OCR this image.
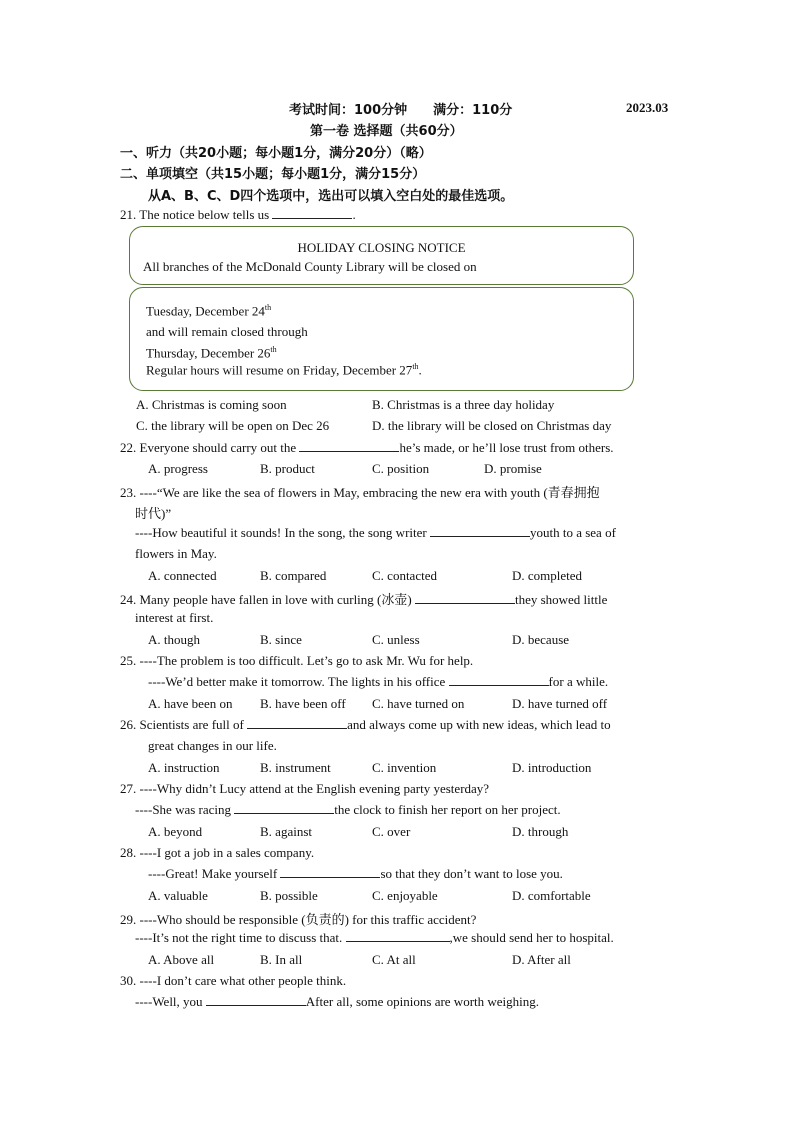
考试时间：100分钟　　满分：110分	2023.03
第一卷 选择题（共60分）
一、听力（共20小题；每小题1分，满分20分）（略）
二、单项填空（共15小题；每小题1分，满分15分）
从A、B、C、D四个选项中，选出可以填入空白处的最佳选项。
21. The notice below tells us	.
HOLIDAY CLOSING NOTICE
All branches of the McDonald County Library will be closed on
Tuesday, December 24th
and will remain closed through
Thursday, December 26th
Regular hours will resume on Friday, December 27th.
A. Christmas is coming soon	B. Christmas is a three day holiday
C. the library will be open on Dec 26	D. the library will be closed on Christmas day
22. Everyone should carry out the	he’s made, or he’ll lose trust from others.
A. progress	B. product	C. position	D. promise
23. ----“We are like the sea of flowers in May, embracing the new era with youth (青春拥抱
时代)”
----How beautiful it sounds! In the song, the song writer	youth to a sea of
flowers in May.
A. connected	B. compared	C. contacted	D. completed
24. Many people have fallen in love with curling (冰壶)	they showed little
interest at first.
A. though	B. since	C. unless	D. because
25. ----The problem is too difficult. Let’s go to ask Mr. Wu for help.
----We’d better make it tomorrow. The lights in his office	for a while.
A. have been on B. have been off C. have turned on	D. have turned off
26. Scientists are full of	and always come up with new ideas, which lead to
great changes in our life.
A. instruction	B. instrument	C. invention	D. introduction
27. ----Why didn’t Lucy attend at the English evening party yesterday?
----She was racing	the clock to finish her report on her project.
A. beyond	B. against	C. over	D. through
28. ----I got a job in a sales company.
----Great! Make yourself	so that they don’t want to lose you.
A. valuable	B. possible	C. enjoyable	D. comfortable
29. ----Who should be responsible (负责的) for this traffic accident?
----It’s not the right time to discuss that.	,we should send her to hospital.
A. Above all	B. In all	C. At all	D. After all
30. ----I don’t care what other people think.
----Well, you	After all, some opinions are worth weighing.
